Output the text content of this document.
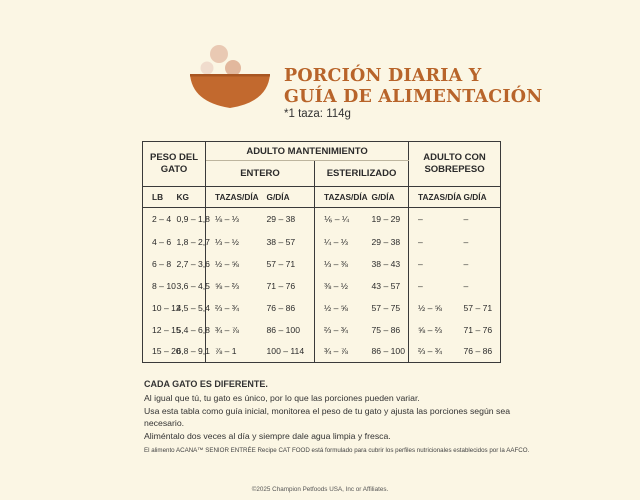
PORCIÓN DIARIA Y
GUÍA DE ALIMENTACIÓN
*1 taza: 114g
PESO DEL GATO		ADULTO MANTENIMIENTO				ADULTO CON SOBREPESO	
		ENTERO		ESTERILIZADO			
LB	KG	TAZAS/DÍA	G/DÍA	TAZAS/DÍA	G/DÍA	TAZAS/DÍA	G/DÍA
2 – 4	0,9 – 1,8	⅛ – ⅓	29 – 38	⅙ – ¼	19 – 29	–	–
4 – 6	1,8 – 2,7	⅓ – ½	38 – 57	¼ – ⅓	29 – 38	–	–
6 – 8	2,7 – 3,6	½ – ⅝	57 – 71	⅓ – ⅜	38 – 43	–	–
8 – 10	3,6 – 4,5	⅝ – ⅔	71 – 76	⅜ – ½	43 – 57	–	–
10 – 12	4,5 – 5,4	⅔ – ¾	76 – 86	½ – ⅝	57 – 75	½ – ⅝	57 – 71
12 – 15	5,4 – 6,8	¾ – ⅞	86 – 100	⅔ – ¾	75 – 86	⅝ – ⅔	71 – 76
15 – 20	6,8 – 9,1	⅞ – 1	100 – 114	¾ – ⅞	86 – 100	⅔ – ¾	76 – 86
CADA GATO ES DIFERENTE.
Al igual que tú, tu gato es único, por lo que las porciones pueden variar.
Usa esta tabla como guía inicial, monitorea el peso de tu gato y ajusta las porciones según sea necesario.
Aliméntalo dos veces al día y siempre dale agua limpia y fresca.
El alimento ACANA™ SENIOR ENTRÉE Recipe CAT FOOD está formulado para cubrir los perfiles nutricionales establecidos por la AAFCO.
©2025 Champion Petfoods USA, Inc or Affiliates.
